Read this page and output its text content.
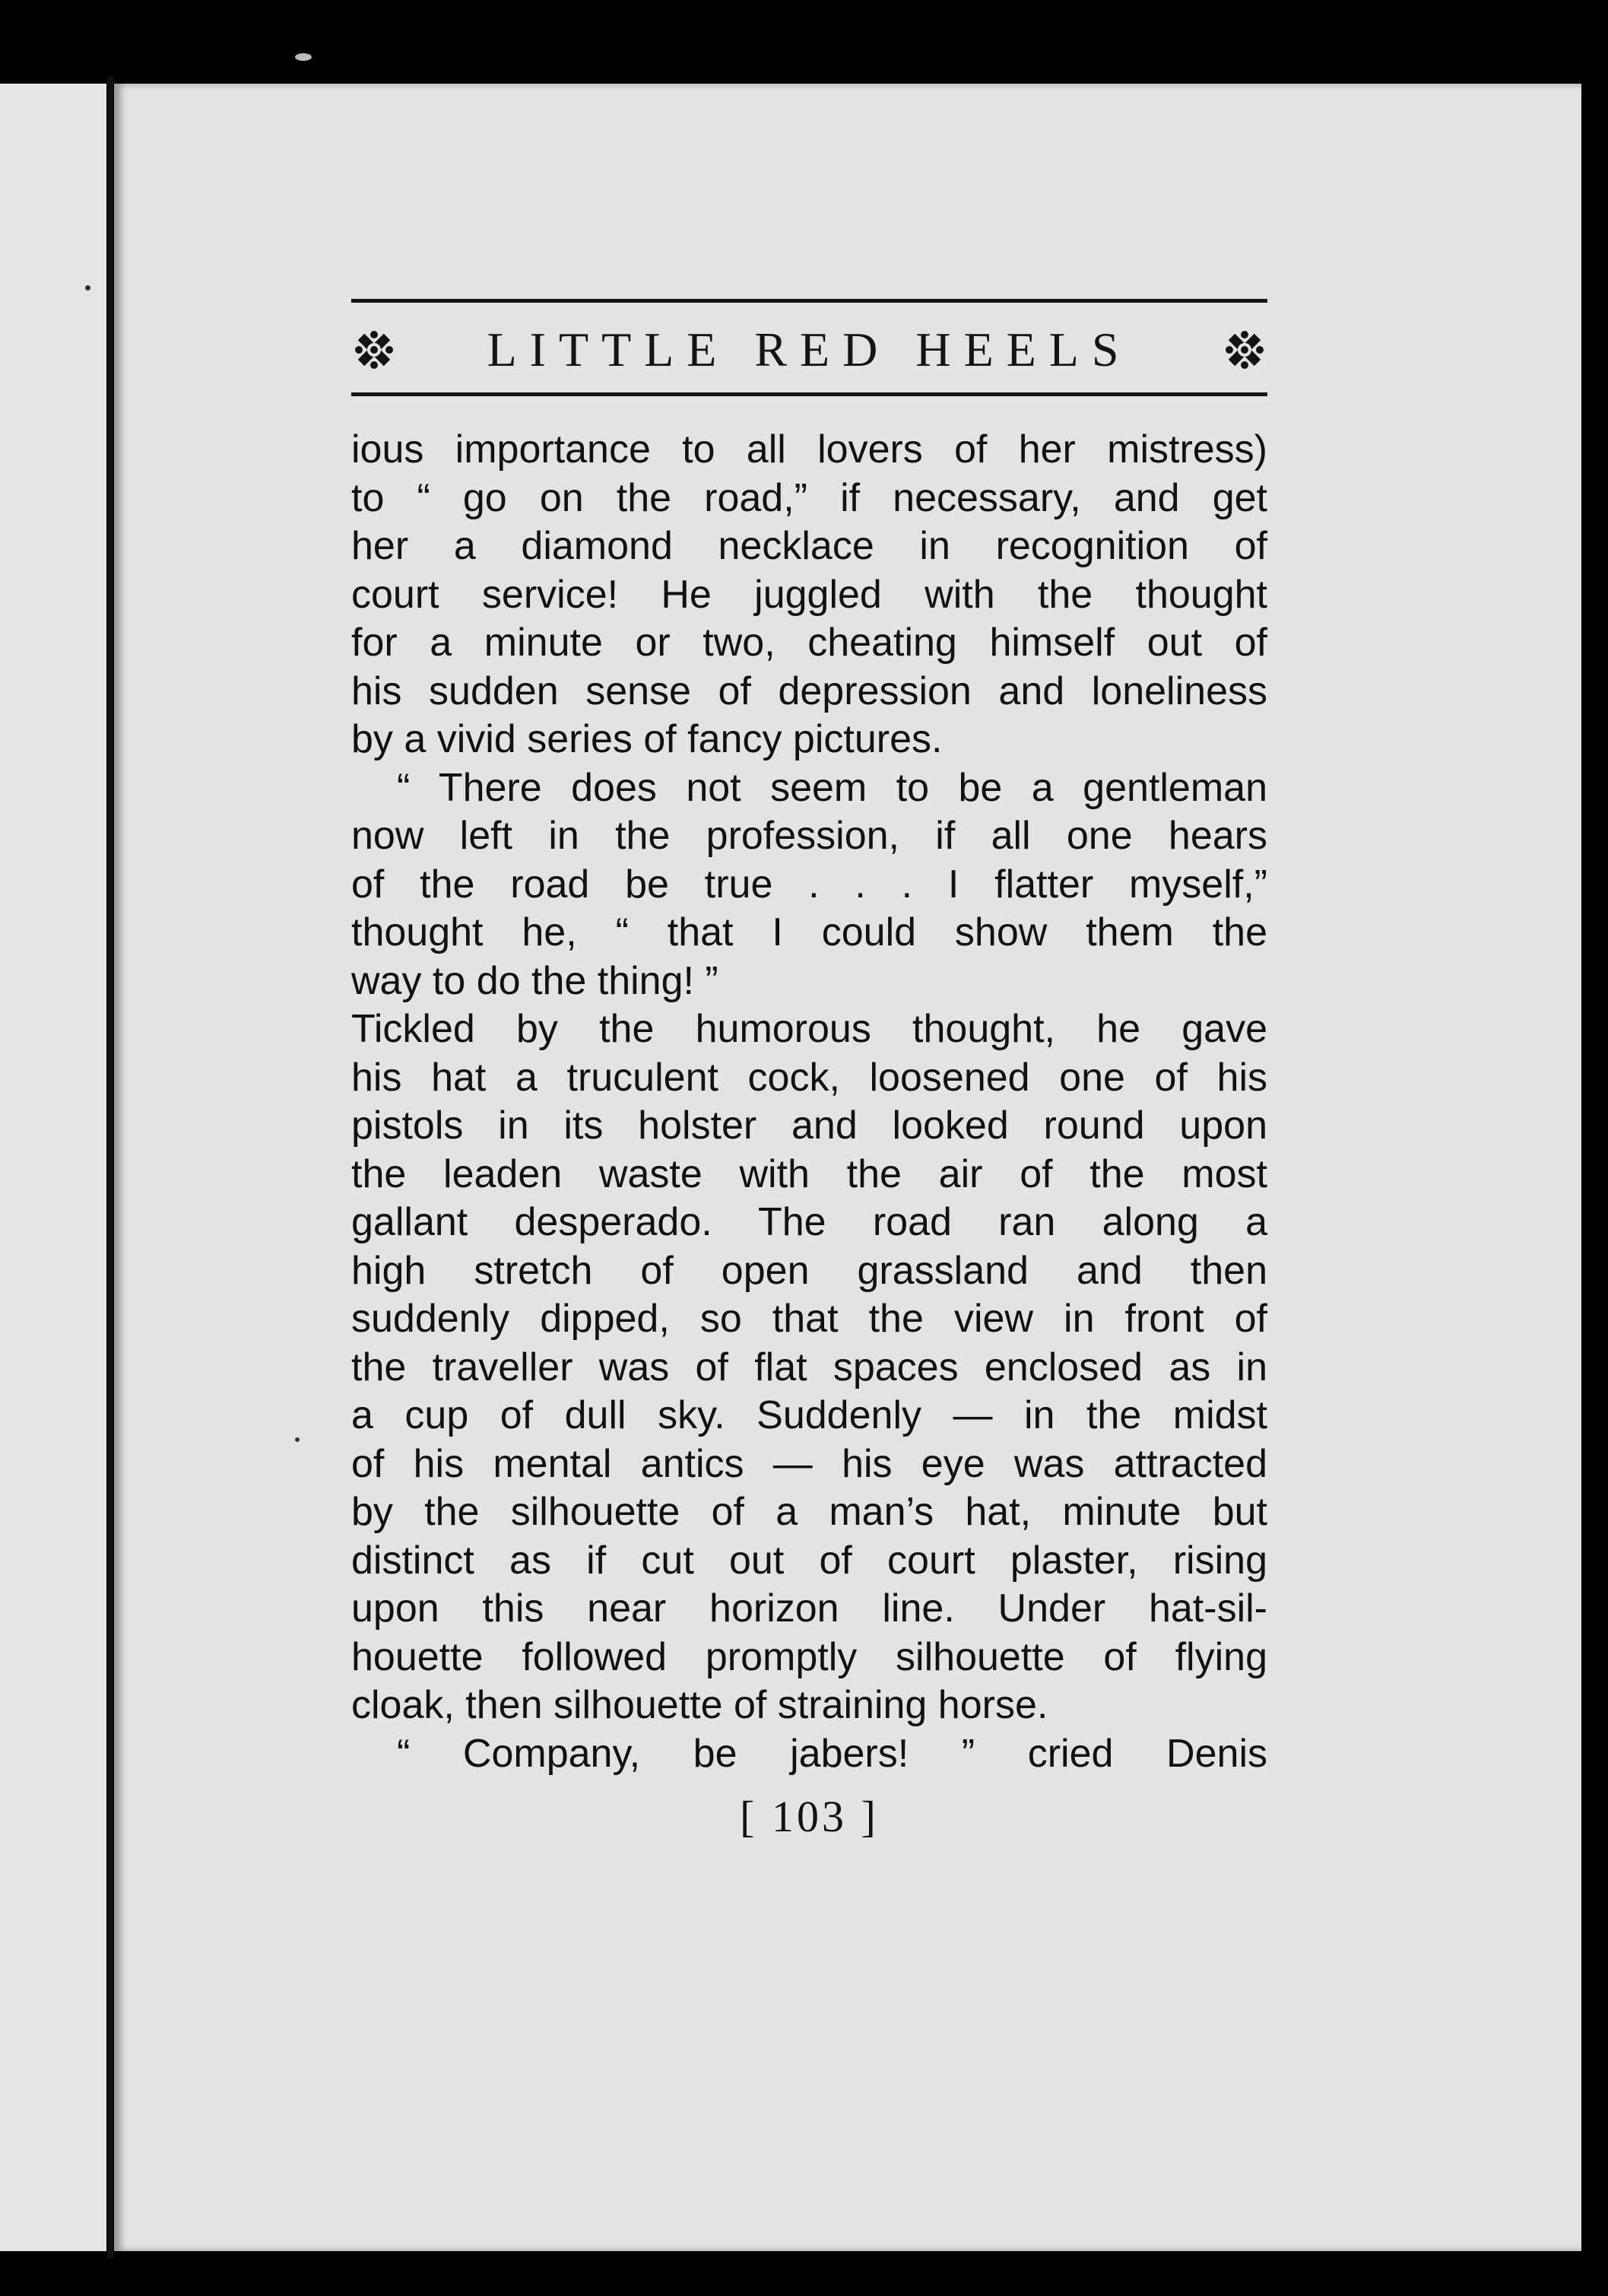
LITTLE RED HEELS
ious importance to all lovers of her mistress)
to “ go on the road,” if necessary, and get
her a diamond necklace in recognition of
court service! He juggled with the thought
for a minute or two, cheating himself out of
his sudden sense of depression and loneliness
by a vivid series of fancy pictures.
“ There does not seem to be a gentleman
now left in the profession, if all one hears
of the road be true . . . I flatter myself,”
thought he, “ that I could show them the
way to do the thing! ”
Tickled by the humorous thought, he gave
his hat a truculent cock, loosened one of his
pistols in its holster and looked round upon
the leaden waste with the air of the most
gallant desperado. The road ran along a
high stretch of open grassland and then
suddenly dipped, so that the view in front of
the traveller was of flat spaces enclosed as in
a cup of dull sky. Suddenly — in the midst
of his mental antics — his eye was attracted
by the silhouette of a man’s hat, minute but
distinct as if cut out of court plaster, rising
upon this near horizon line. Under hat-sil-
houette followed promptly silhouette of flying
cloak, then silhouette of straining horse.
“ Company, be jabers! ” cried Denis
[ 103 ]
